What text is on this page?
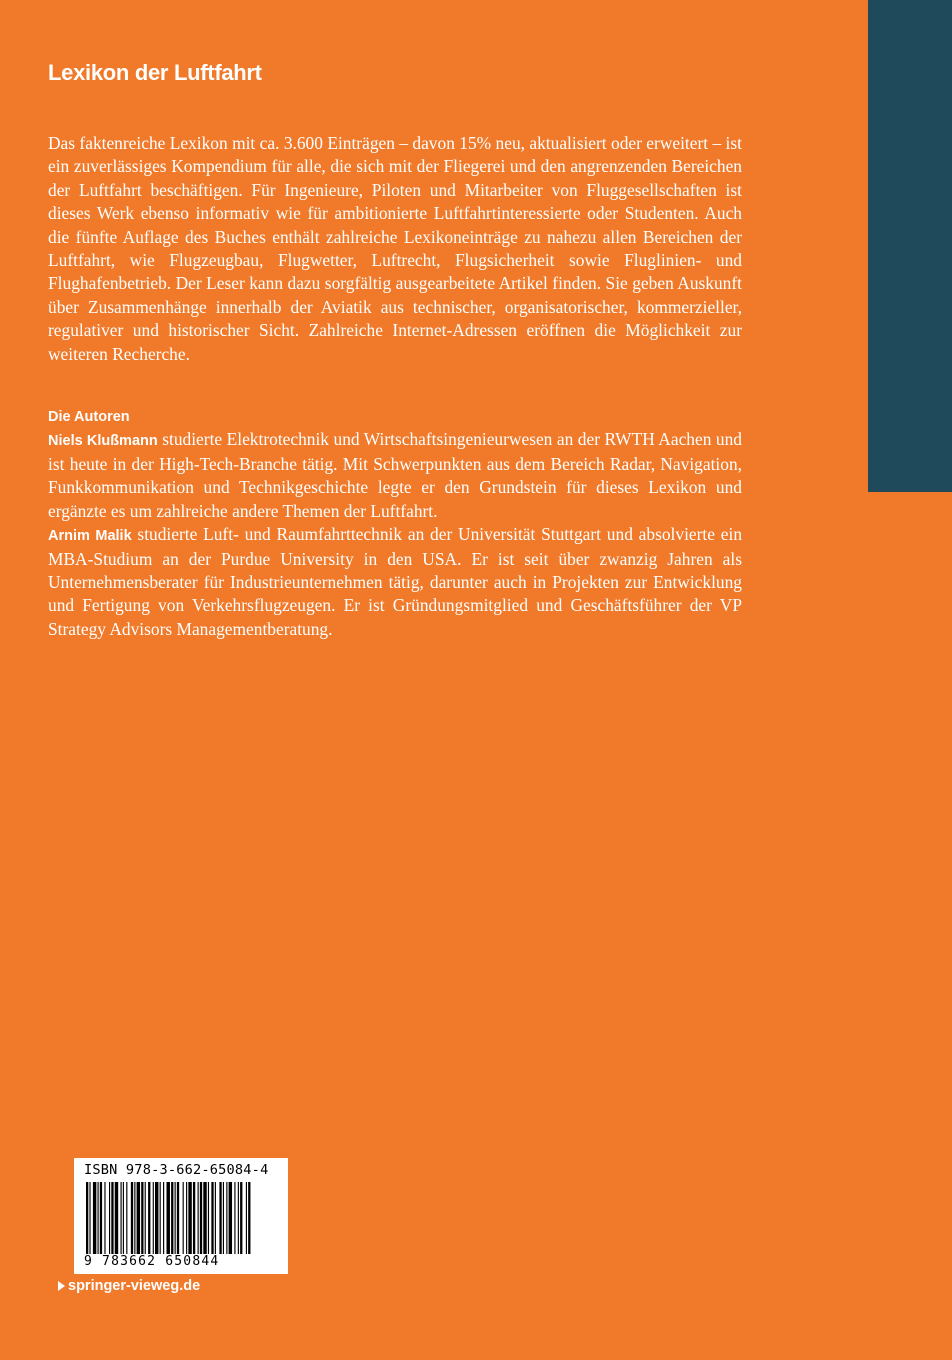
Lexikon der Luftfahrt

Das faktenreiche Lexikon mit ca. 3.600 Einträgen – davon 15% neu, aktualisiert oder erweitert – ist ein zuverlässiges Kompendium für alle, die sich mit der Fliegerei und den angrenzenden Bereichen der Luftfahrt beschäftigen. Für Ingenieure, Piloten und Mitarbeiter von Fluggesellschaften ist dieses Werk ebenso informativ wie für ambitionierte Luftfahrtinteressierte oder Studenten. Auch die fünfte Auflage des Buches enthält zahlreiche Lexikoneinträge zu nahezu allen Bereichen der Luftfahrt, wie Flugzeugbau, Flugwetter, Luftrecht, Flugsicherheit sowie Fluglinien- und Flughafenbetrieb. Der Leser kann dazu sorgfältig ausgearbeitete Artikel finden. Sie geben Auskunft über Zusammenhänge innerhalb der Aviatik aus technischer, organisatorischer, kommerzieller, regulativer und historischer Sicht. Zahlreiche Internet-Adressen eröffnen die Möglichkeit zur weiteren Recherche.

Die Autoren

Niels Klußmann studierte Elektrotechnik und Wirtschaftsingenieurwesen an der RWTH Aachen und ist heute in der High-Tech-Branche tätig. Mit Schwerpunkten aus dem Bereich Radar, Navigation, Funkkommunikation und Technikgeschichte legte er den Grundstein für dieses Lexikon und ergänzte es um zahlreiche andere Themen der Luftfahrt.

Arnim Malik studierte Luft- und Raumfahrttechnik an der Universität Stuttgart und absolvierte ein MBA-Studium an der Purdue University in den USA. Er ist seit über zwanzig Jahren als Unternehmensberater für Industrieunternehmen tätig, darunter auch in Projekten zur Entwicklung und Fertigung von Verkehrsflugzeugen. Er ist Gründungsmitglied und Geschäftsführer der VP Strategy Advisors Managementberatung.

ISBN 978-3-662-65084-4
9 783662 650844
springer-vieweg.de
